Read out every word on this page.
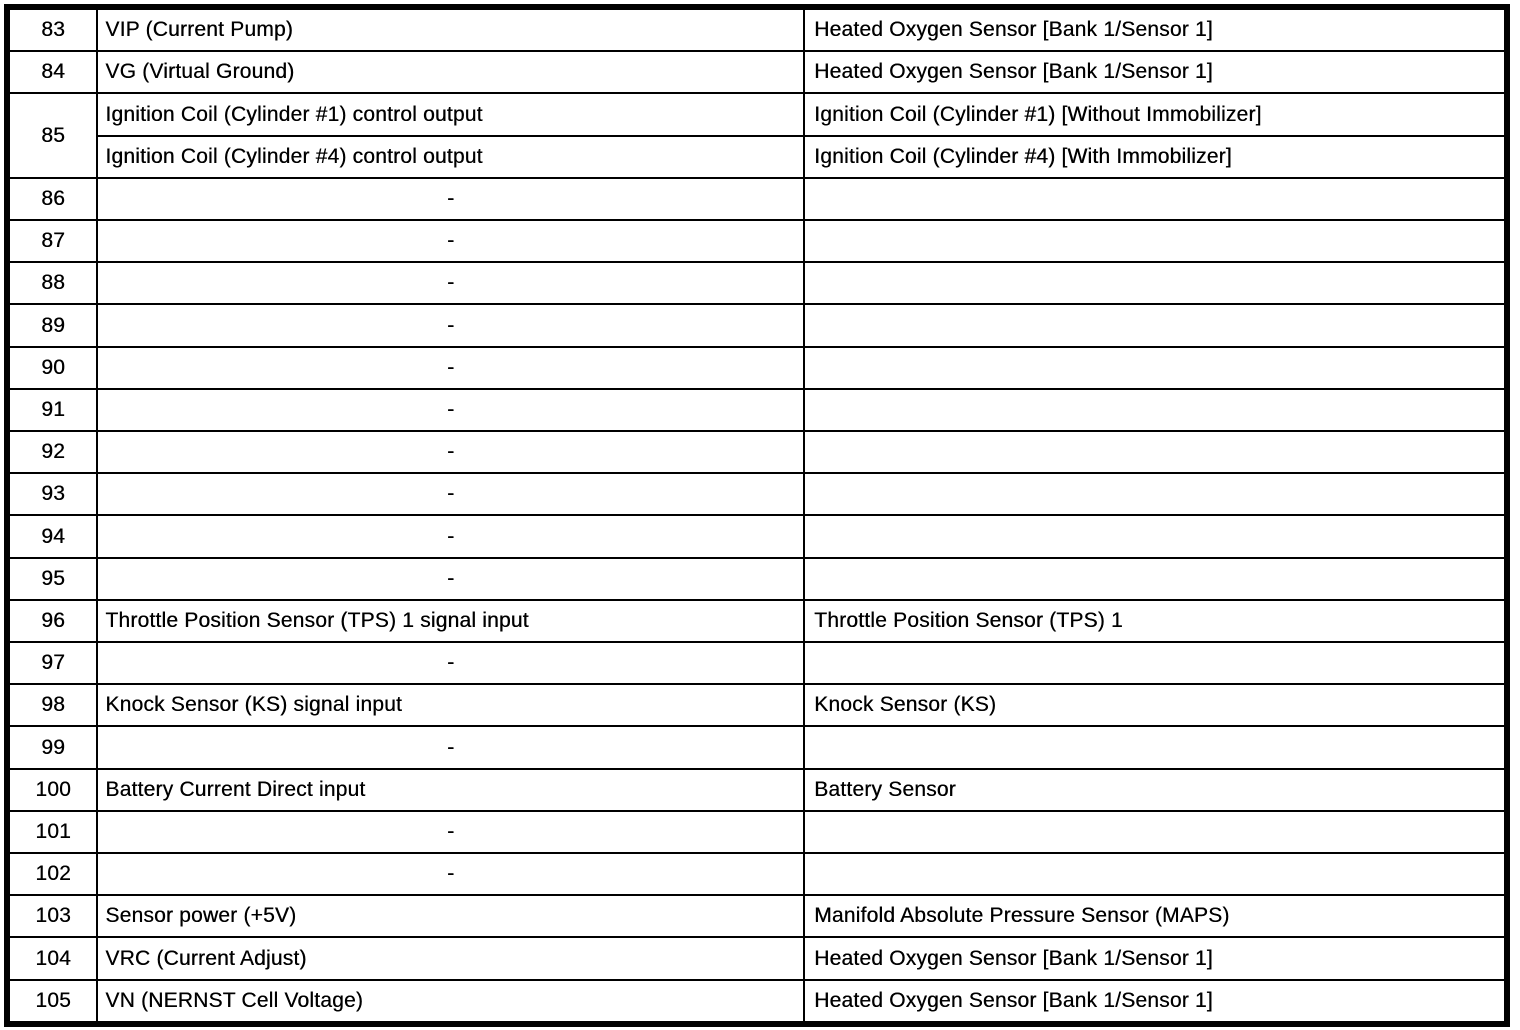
83	VIP (Current Pump)	Heated Oxygen Sensor [Bank 1/Sensor 1]
84	VG (Virtual Ground)	Heated Oxygen Sensor [Bank 1/Sensor 1]
85	Ignition Coil (Cylinder #1) control output	Ignition Coil (Cylinder #1) [Without Immobilizer]
	Ignition Coil (Cylinder #4) control output	Ignition Coil (Cylinder #4) [With Immobilizer]
86	-	
87	-	
88	-	
89	-	
90	-	
91	-	
92	-	
93	-	
94	-	
95	-	
96	Throttle Position Sensor (TPS) 1 signal input	Throttle Position Sensor (TPS) 1
97	-	
98	Knock Sensor (KS) signal input	Knock Sensor (KS)
99	-	
100	Battery Current Direct input	Battery Sensor
101	-	
102	-	
103	Sensor power (+5V)	Manifold Absolute Pressure Sensor (MAPS)
104	VRC (Current Adjust)	Heated Oxygen Sensor [Bank 1/Sensor 1]
105	VN (NERNST Cell Voltage)	Heated Oxygen Sensor [Bank 1/Sensor 1]
